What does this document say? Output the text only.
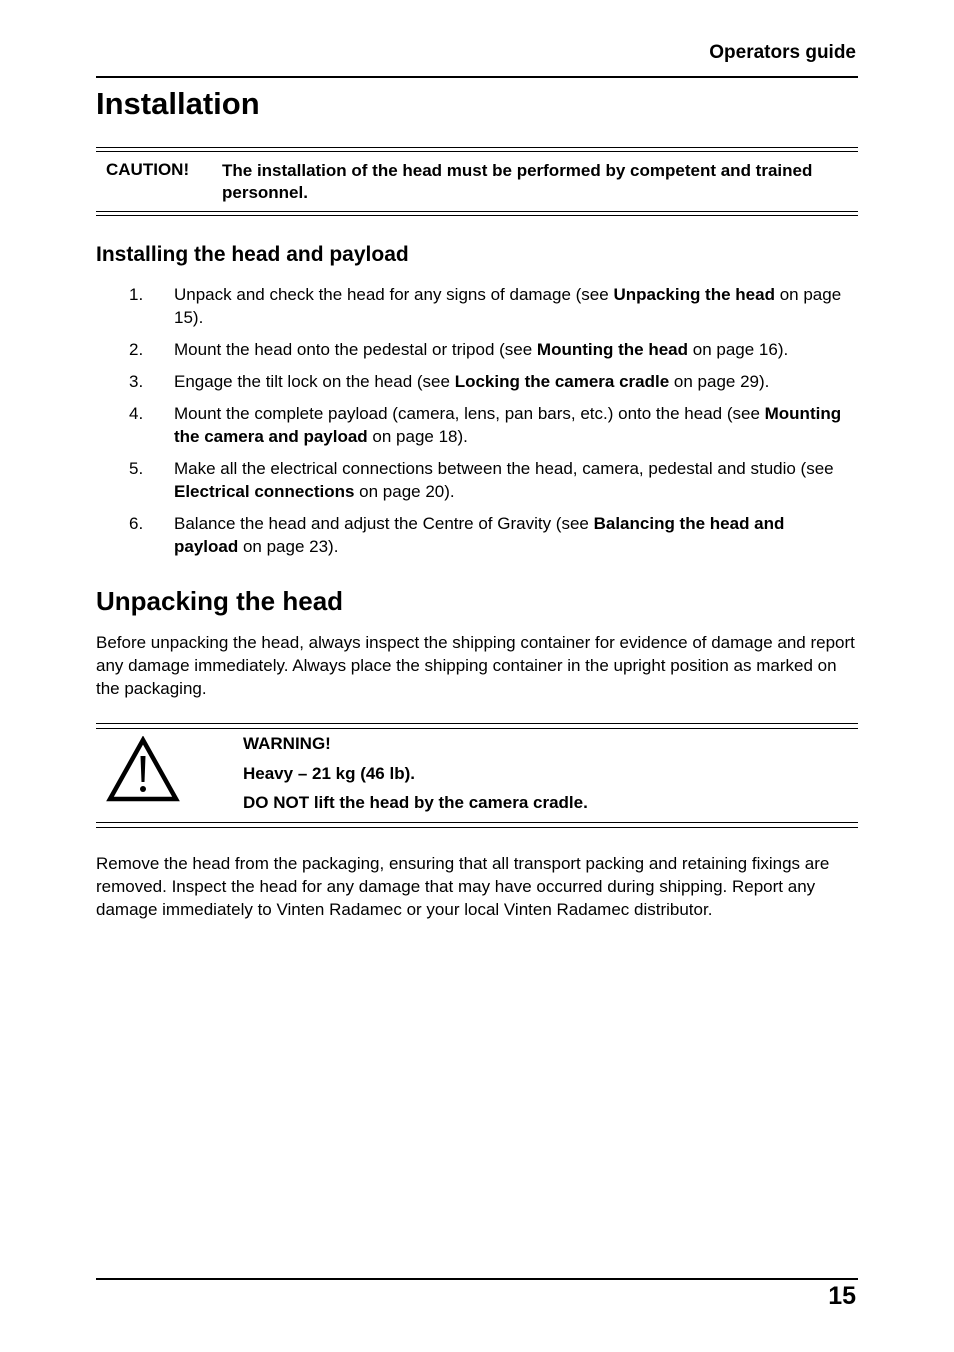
Operators guide
Installation
CAUTION! The installation of the head must be performed by competent and trained personnel.
Installing the head and payload
1. Unpack and check the head for any signs of damage (see Unpacking the head on page 15).
2. Mount the head onto the pedestal or tripod (see Mounting the head on page 16).
3. Engage the tilt lock on the head (see Locking the camera cradle on page 29).
4. Mount the complete payload (camera, lens, pan bars, etc.) onto the head (see Mounting the camera and payload on page 18).
5. Make all the electrical connections between the head, camera, pedestal and studio (see Electrical connections on page 20).
6. Balance the head and adjust the Centre of Gravity (see Balancing the head and payload on page 23).
Unpacking the head
Before unpacking the head, always inspect the shipping container for evidence of damage and report any damage immediately. Always place the shipping container in the upright position as marked on the packaging.
WARNING!
Heavy – 21 kg (46 lb).
DO NOT lift the head by the camera cradle.
Remove the head from the packaging, ensuring that all transport packing and retaining fixings are removed. Inspect the head for any damage that may have occurred during shipping. Report any damage immediately to Vinten Radamec or your local Vinten Radamec distributor.
15
